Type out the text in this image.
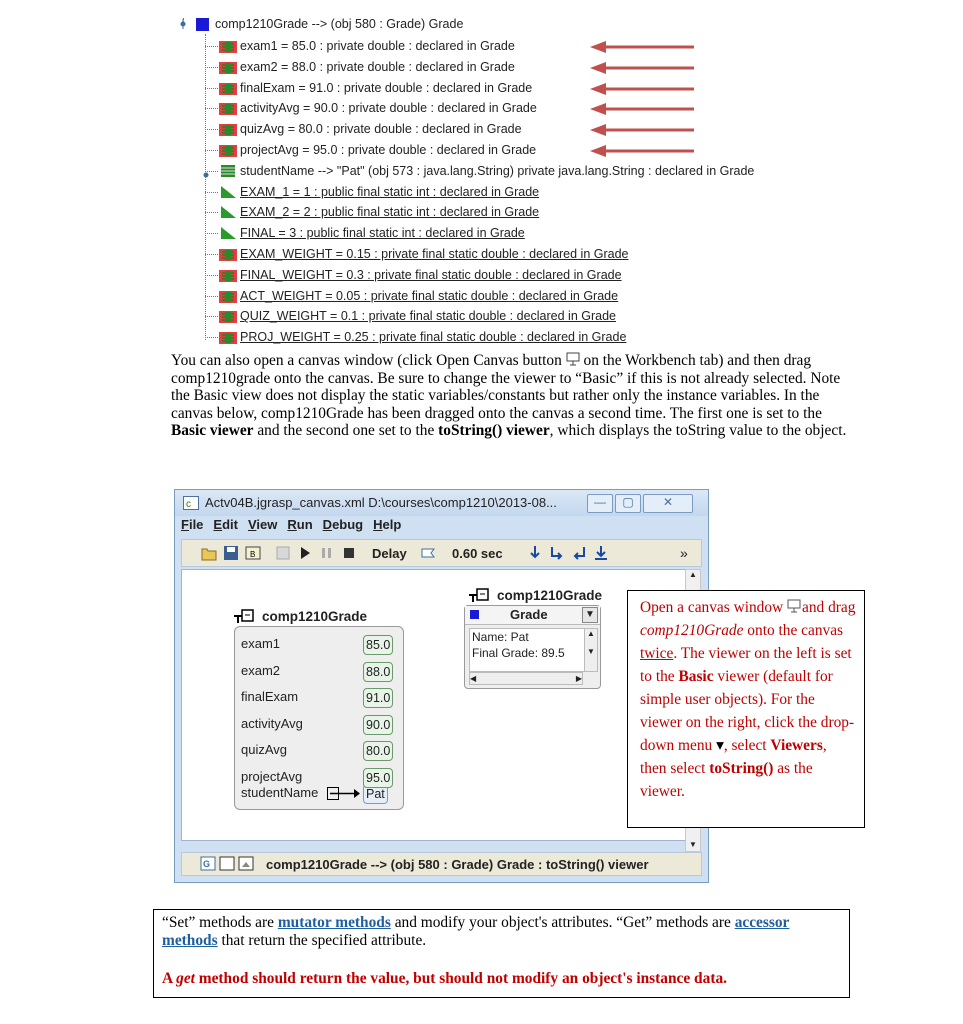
comp1210Grade --> (obj 580 : Grade) Grade
exam1 = 85.0 : private double : declared in Grade
exam2 = 88.0 : private double : declared in Grade
finalExam = 91.0 : private double : declared in Grade
activityAvg = 90.0 : private double : declared in Grade
quizAvg = 80.0 : private double : declared in Grade
projectAvg = 95.0 : private double : declared in Grade
studentName --> "Pat" (obj 573 : java.lang.String) private java.lang.String : declared in Grade
EXAM_1 = 1 : public final static int : declared in Grade
EXAM_2 = 2 : public final static int : declared in Grade
FINAL = 3 : public final static int : declared in Grade
EXAM_WEIGHT = 0.15 : private final static double : declared in Grade
FINAL_WEIGHT = 0.3 : private final static double : declared in Grade
ACT_WEIGHT = 0.05 : private final static double : declared in Grade
QUIZ_WEIGHT = 0.1 : private final static double : declared in Grade
PROJ_WEIGHT = 0.25 : private final static double : declared in Grade
You can also open a canvas window (click Open Canvas button  on the Workbench tab) and then drag comp1210grade onto the canvas. Be sure to change the viewer to “Basic” if this is not already selected. Note the Basic view does not display the static variables/constants but rather only the instance variables. In the canvas below, comp1210Grade has been dragged onto the canvas a second time. The first one is set to the Basic viewer and the second one set to the toString() viewer, which displays the toString value to the object.
c Actv04B.jgrasp_canvas.xml D:\courses\comp1210\2013-08...	—	▢	✕
File Edit View Run Debug Help
B	Delay	0.60 sec	»
comp1210Grade
studentName	Pat
exam1	85.0
exam2	88.0
finalExam	91.0
activityAvg	90.0
quizAvg	80.0
projectAvg	95.0
comp1210Grade
Grade	▼
Name: Pat
Final Grade: 89.5
▲

▼
◀	▶
▲
▼
G	comp1210Grade --> (obj 580 : Grade) Grade : toString() viewer
Open a canvas window and drag comp1210Grade onto the canvas twice. The viewer on the left is set to the Basic viewer (default for simple user objects). For the viewer on the right, click the drop-down menu ▾, select Viewers, then select toString() as the viewer.
“Set” methods are mutator methods and modify your object's attributes. “Get” methods are accessor methods that return the specified attribute.
A get method should return the value, but should not modify an object's instance data.
